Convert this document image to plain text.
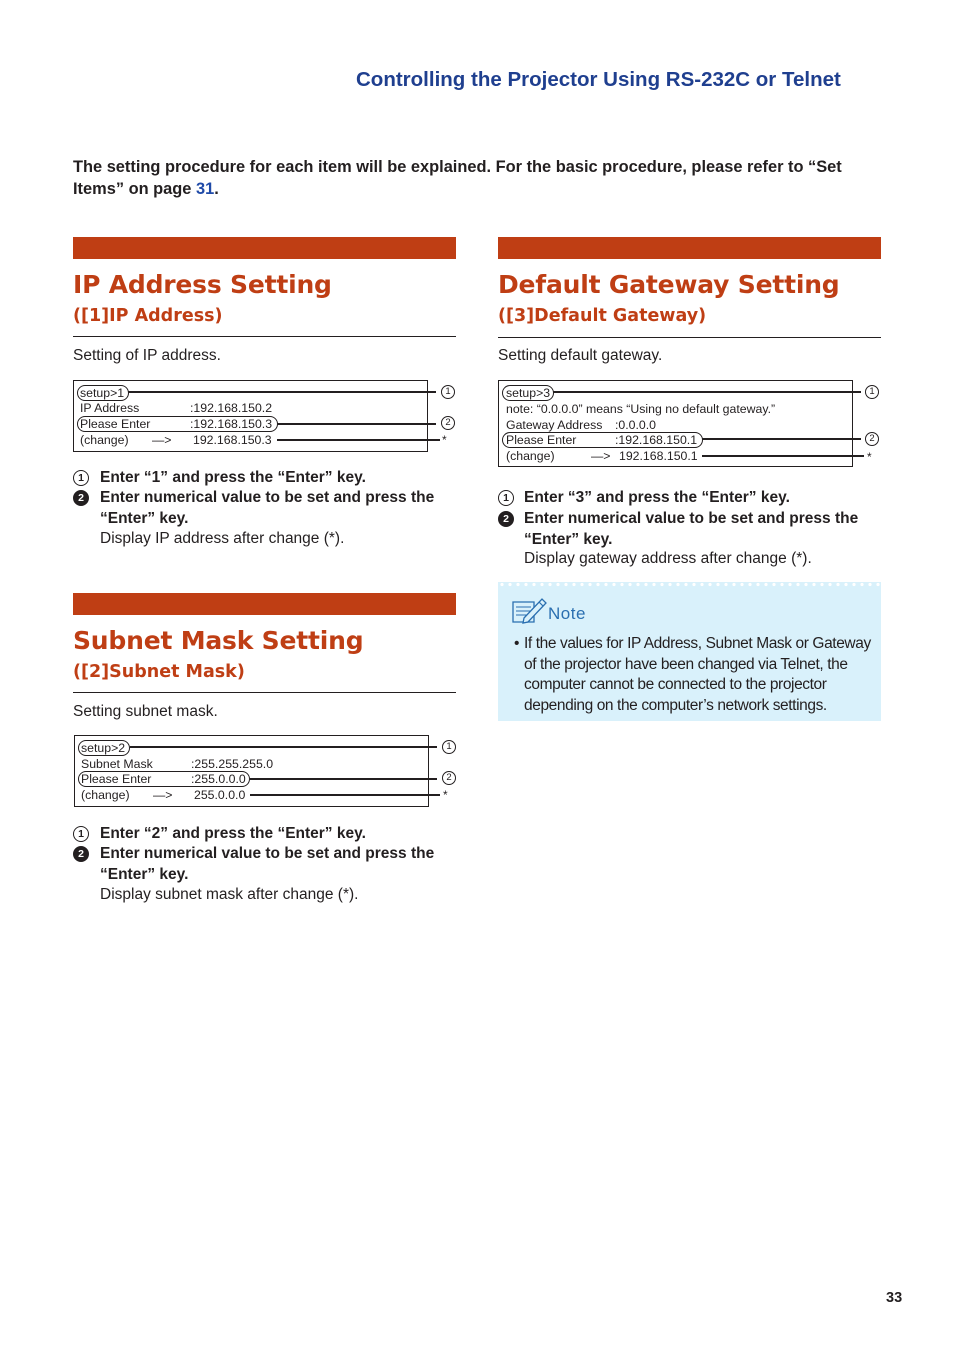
Controlling the Projector Using RS-232C or Telnet
The setting procedure for each item will be explained. For the basic procedure, please refer to “Set Items” on page 31.
IP Address Setting
([1]IP Address)
Setting of IP address.
setup>1
IP Address	:192.168.150.2
Please Enter	:192.168.150.3
(change) —> 192.168.150.3
1
2
*
1	Enter “1” and press the “Enter” key.
2	Enter numerical value to be set and press the “Enter” key.
Display IP address after change (*).
Subnet Mask Setting
([2]Subnet Mask)
Setting subnet mask.
setup>2
Subnet Mask	:255.255.255.0
Please Enter	:255.0.0.0
(change) —> 255.0.0.0
1
2
*
1	Enter “2” and press the “Enter” key.
2	Enter numerical value to be set and press the “Enter” key.
Display subnet mask after change (*).
Default Gateway Setting
([3]Default Gateway)
Setting default gateway.
setup>3
note: “0.0.0.0” means “Using no default gateway.”
Gateway Address :0.0.0.0
Please Enter	:192.168.150.1
(change)	—> 192.168.150.1
1
2
*
1 Enter “3” and press the “Enter” key.
2 Enter numerical value to be set and press the “Enter” key.
Display gateway address after change (*).
Note
• If the values for IP Address, Subnet Mask or Gateway of the projector have been changed via Telnet, the computer cannot be connected to the projector depending on the computer’s network settings.
33
